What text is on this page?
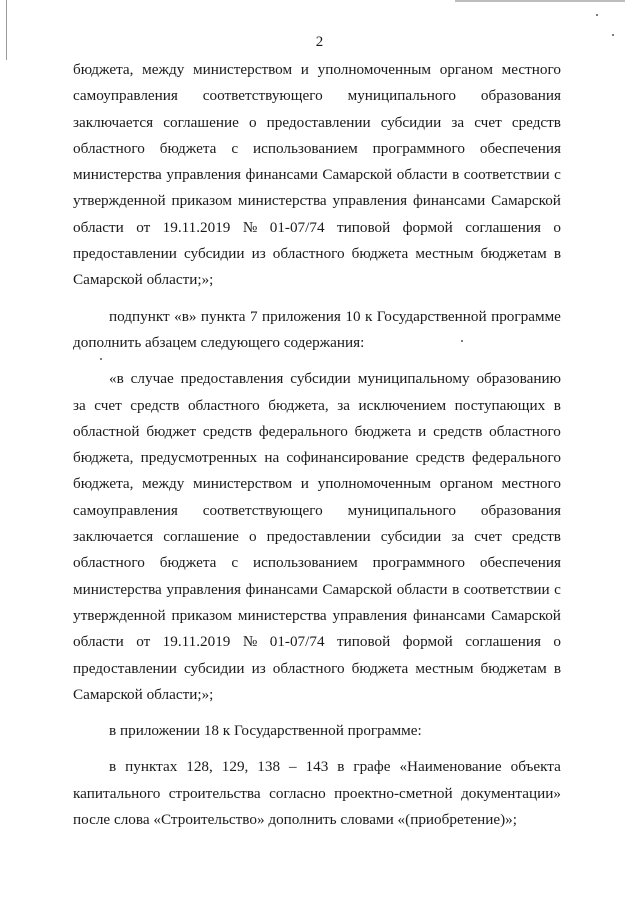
2
бюджета, между министерством и уполномоченным органом местного
самоуправления соответствующего муниципального образования
заключается соглашение о предоставлении субсидии за счет средств
областного бюджета с использованием программного обеспечения
министерства управления финансами Самарской области в соответствии с
утвержденной приказом министерства управления финансами Самарской
области от 19.11.2019 № 01-07/74 типовой формой соглашения о
предоставлении субсидии из областного бюджета местным бюджетам в
Самарской области;»;
подпункт «в» пункта 7 приложения 10 к Государственной программе
дополнить абзацем следующего содержания:
«в случае предоставления субсидии муниципальному образованию
за счет средств областного бюджета, за исключением поступающих в
областной бюджет средств федерального бюджета и средств областного
бюджета, предусмотренных на софинансирование средств федерального
бюджета, между министерством и уполномоченным органом местного
самоуправления соответствующего муниципального образования
заключается соглашение о предоставлении субсидии за счет средств
областного бюджета с использованием программного обеспечения
министерства управления финансами Самарской области в соответствии с
утвержденной приказом министерства управления финансами Самарской
области от 19.11.2019 № 01-07/74 типовой формой соглашения о
предоставлении субсидии из областного бюджета местным бюджетам в
Самарской области;»;
в приложении 18 к Государственной программе:
в пунктах 128, 129, 138 – 143 в графе «Наименование объекта
капитального строительства согласно проектно-сметной документации»
после слова «Строительство» дополнить словами «(приобретение)»;
